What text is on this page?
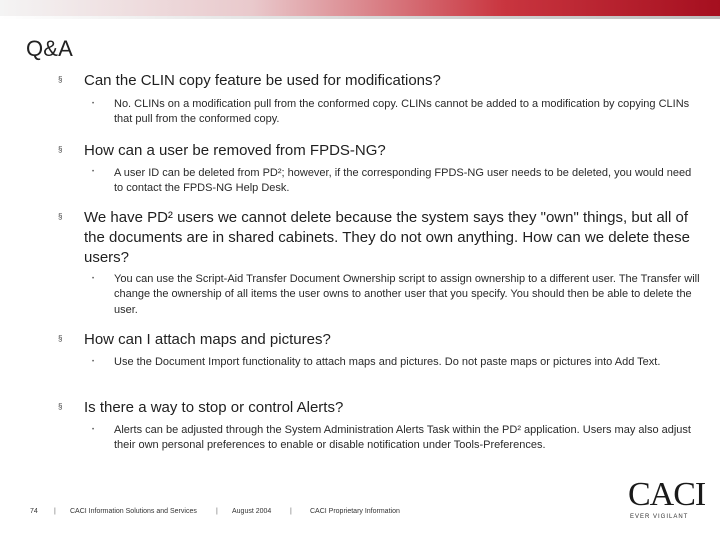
Q&A
§ Can the CLIN copy feature be used for modifications?
• No. CLINs on a modification pull from the conformed copy. CLINs cannot be added to a modification by copying CLINs that pull from the conformed copy.
§ How can a user be removed from FPDS-NG?
• A user ID can be deleted from PD²; however, if the corresponding FPDS-NG user needs to be deleted, you would need to contact the FPDS-NG Help Desk.
§ We have PD² users we cannot delete because the system says they "own" things, but all of the documents are in shared cabinets. They do not own anything. How can we delete these users?
• You can use the Script-Aid Transfer Document Ownership script to assign ownership to a different user. The Transfer will change the ownership of all items the user owns to another user that you specify. You should then be able to delete the user.
§ How can I attach maps and pictures?
• Use the Document Import functionality to attach maps and pictures. Do not paste maps or pictures into Add Text.
§ Is there a way to stop or control Alerts?
• Alerts can be adjusted through the System Administration Alerts Task within the PD² application. Users may also adjust their own personal preferences to enable or disable notification under Tools-Preferences.
74 | CACI Information Solutions and Services	| August 2004	|	CACI Proprietary Information	CACI
EVER VIGILANT
